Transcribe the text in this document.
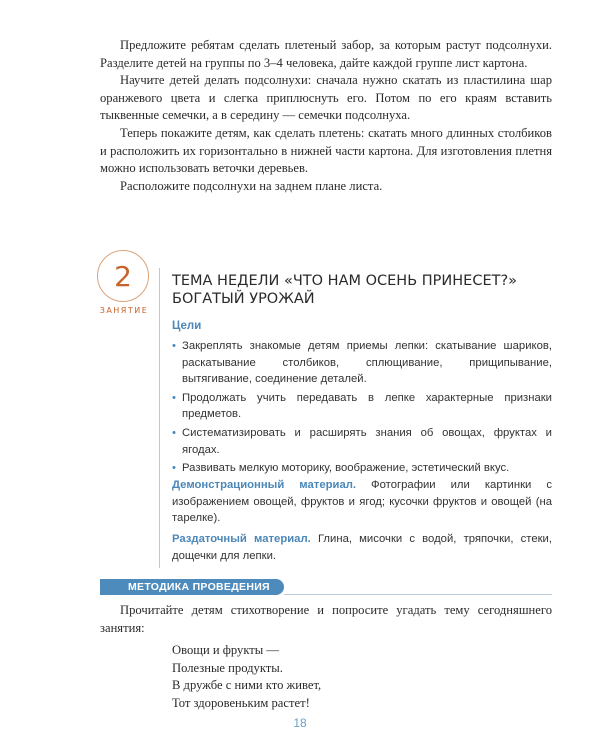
Предложите ребятам сделать плетеный забор, за которым растут подсолнухи. Разделите детей на группы по 3–4 человека, дайте каждой группе лист картона.

Научите детей делать подсолнухи: сначала нужно скатать из пластилина шар оранжевого цвета и слегка приплюснуть его. Потом по его краям вставить тыквенные семечки, а в середину — семечки подсолнуха.

Теперь покажите детям, как сделать плетень: скатать много длинных столбиков и расположить их горизонтально в нижней части картона. Для изготовления плетня можно использовать веточки деревьев.

Расположите подсолнухи на заднем плане листа.

2
ЗАНЯТИЕ
ТЕМА НЕДЕЛИ «ЧТО НАМ ОСЕНЬ ПРИНЕСЕТ?»
БОГАТЫЙ УРОЖАЙ
Цели

• Закреплять знакомые детям приемы лепки: скатывание шариков, раскатывание столбиков, сплющивание, прищипывание, вытягивание, соединение деталей.

• Продолжать учить передавать в лепке характерные признаки предметов.

• Систематизировать и расширять знания об овощах, фруктах и ягодах.

• Развивать мелкую моторику, воображение, эстетический вкус.

Демонстрационный материал. Фотографии или картинки с изображением овощей, фруктов и ягод; кусочки фруктов и овощей (на тарелке).
Раздаточный материал. Глина, мисочки с водой, тряпочки, стеки, дощечки для лепки.
МЕТОДИКА ПРОВЕДЕНИЯ

Прочитайте детям стихотворение и попросите угадать тему сегодняшнего занятия:

Овощи и фрукты —
Полезные продукты.
В дружбе с ними кто живет,
Тот здоровеньким растет!
18
